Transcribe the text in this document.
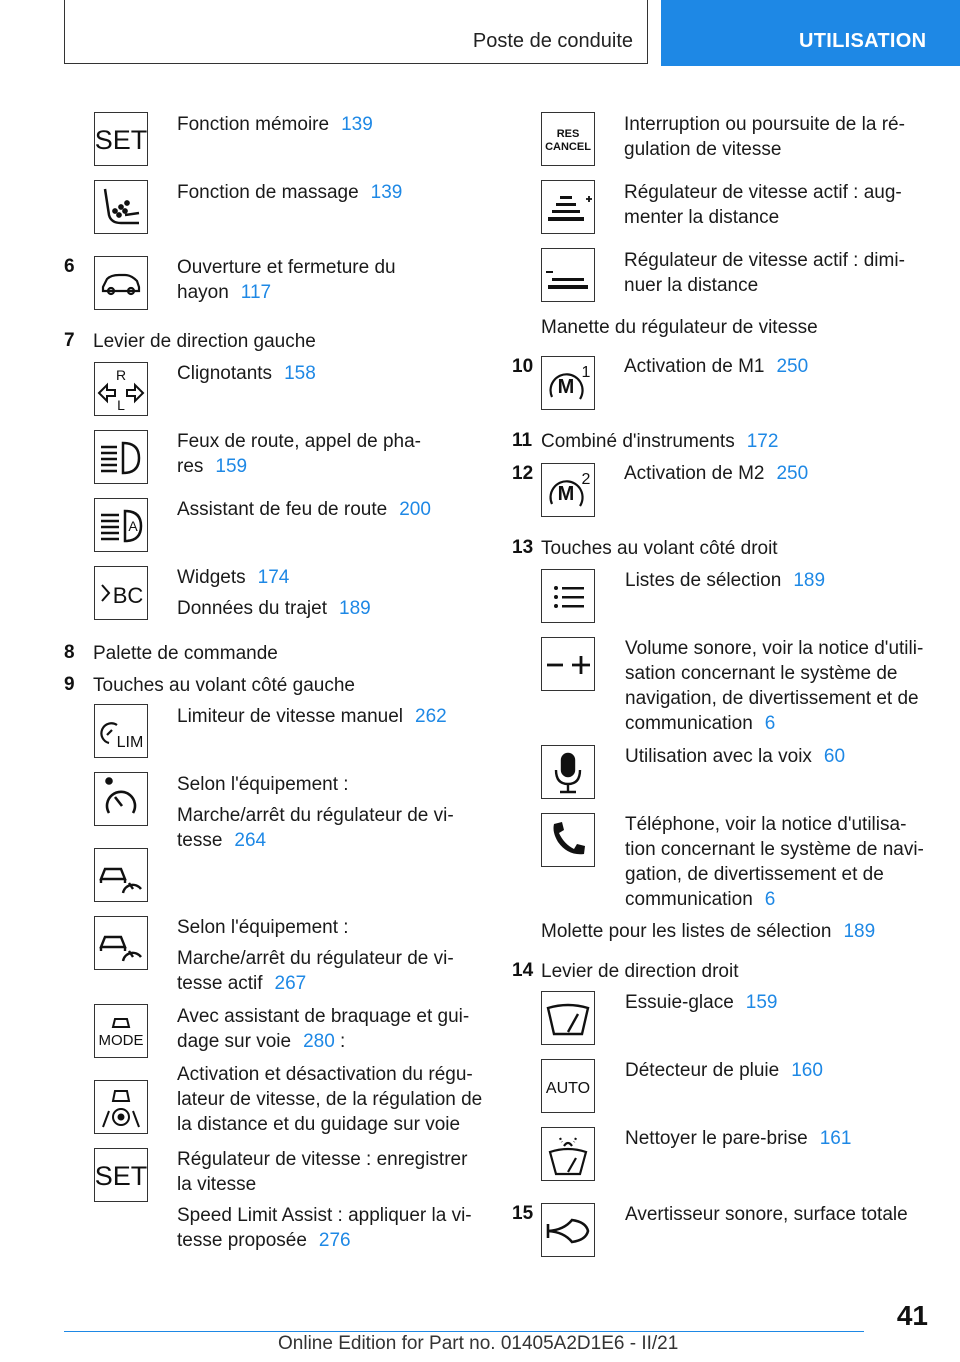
Poste de conduite	UTILISATION
SET
Fonction mémoire 139
Fonction de massage 139
6	Ouverture et fermeture du
hayon 117
7 Levier de direction gauche
R
L
Clignotants 158
Feux de route, appel de pha-
res 159
A
Assistant de feu de route 200
BC
Widgets 174
Données du trajet 189
8 Palette de commande
9 Touches au volant côté gauche
LIM
Limiteur de vitesse manuel 262
Selon l'équipement :
Marche/arrêt du régulateur de vi-
tesse 264
Selon l'équipement :
Marche/arrêt du régulateur de vi-
tesse actif 267
MODE
Avec assistant de braquage et gui-
dage sur voie 280 :
Activation et désactivation du régu-
lateur de vitesse, de la régulation de
la distance et du guidage sur voie
SET
Régulateur de vitesse : enregistrer
la vitesse
Speed Limit Assist : appliquer la vi-
tesse proposée 276
RES
CANCEL
Interruption ou poursuite de la ré-
gulation de vitesse
Régulateur de vitesse actif : aug-
menter la distance
Régulateur de vitesse actif : dimi-
nuer la distance
Manette du régulateur de vitesse
10
M
1 Activation de M1 250
11 Combiné d'instruments 172
12
M
2 Activation de M2 250
13 Touches au volant côté droit
Listes de sélection 189
Volume sonore, voir la notice d'utili-
sation concernant le système de
navigation, de divertissement et de
communication 6
Utilisation avec la voix 60
Téléphone, voir la notice d'utilisa-
tion concernant le système de navi-
gation, de divertissement et de
communication 6
Molette pour les listes de sélection 189
14 Levier de direction droit
Essuie-glace 159
AUTO
Détecteur de pluie 160
Nettoyer le pare-brise 161
15	Avertisseur sonore, surface totale
41
Online Edition for Part no. 01405A2D1E6 - II/21
